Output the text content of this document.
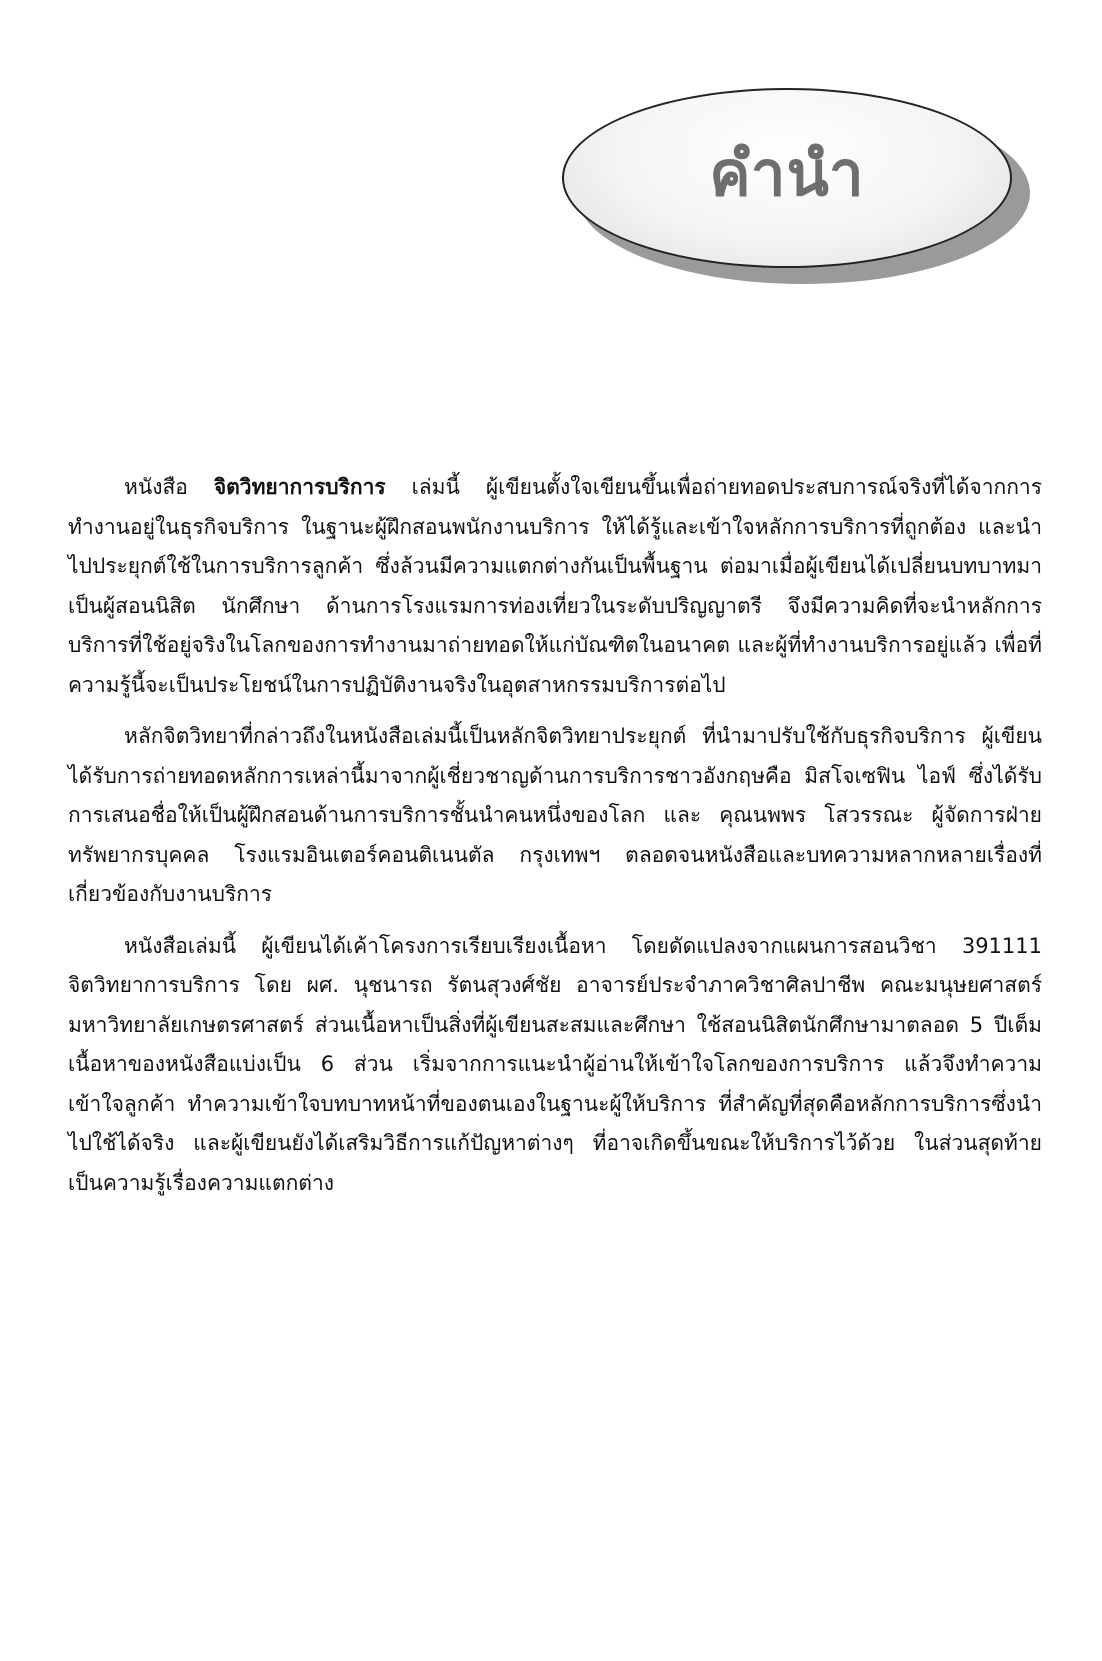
คำนำ

หนังสือ จิตวิทยาการบริการ เล่มนี้ ผู้เขียนตั้งใจเขียนขึ้นเพื่อถ่ายทอดประสบการณ์จริงที่ได้จากการทำงานอยู่ในธุรกิจบริการ ในฐานะผู้ฝึกสอนพนักงานบริการ ให้ได้รู้และเข้าใจหลักการบริการที่ถูกต้อง และนำไปประยุกต์ใช้ในการบริการลูกค้า ซึ่งล้วนมีความแตกต่างกันเป็นพื้นฐาน ต่อมาเมื่อผู้เขียนได้เปลี่ยนบทบาทมาเป็นผู้สอนนิสิต นักศึกษา ด้านการโรงแรมการท่องเที่ยวในระดับปริญญาตรี จึงมีความคิดที่จะนำหลักการบริการที่ใช้อยู่จริงในโลกของการทำงานมาถ่ายทอดให้แก่บัณฑิตในอนาคต และผู้ที่ทำงานบริการอยู่แล้ว เพื่อที่ความรู้นี้จะเป็นประโยชน์ในการปฏิบัติงานจริงในอุตสาหกรรมบริการต่อไป

หลักจิตวิทยาที่กล่าวถึงในหนังสือเล่มนี้เป็นหลักจิตวิทยาประยุกต์ ที่นำมาปรับใช้กับธุรกิจบริการ ผู้เขียนได้รับการถ่ายทอดหลักการเหล่านี้มาจากผู้เชี่ยวชาญด้านการบริการชาวอังกฤษคือ มิสโจเซฟิน ไอฟ์ ซึ่งได้รับการเสนอชื่อให้เป็นผู้ฝึกสอนด้านการบริการชั้นนำคนหนึ่งของโลก และ คุณนพพร โสวรรณะ ผู้จัดการฝ่ายทรัพยากรบุคคล โรงแรมอินเตอร์คอนติเนนตัล กรุงเทพฯ ตลอดจนหนังสือและบทความหลากหลายเรื่องที่เกี่ยวข้องกับงานบริการ

หนังสือเล่มนี้ ผู้เขียนได้เค้าโครงการเรียบเรียงเนื้อหา โดยดัดแปลงจากแผนการสอนวิชา 391111 จิตวิทยาการบริการ โดย ผศ. นุชนารถ รัตนสุวงศ์ชัย อาจารย์ประจำภาควิชาศิลปาชีพ คณะมนุษยศาสตร์ มหาวิทยาลัยเกษตรศาสตร์ ส่วนเนื้อหาเป็นสิ่งที่ผู้เขียนสะสมและศึกษา ใช้สอนนิสิตนักศึกษามาตลอด 5 ปีเต็ม เนื้อหาของหนังสือแบ่งเป็น 6 ส่วน เริ่มจากการแนะนำผู้อ่านให้เข้าใจโลกของการบริการ แล้วจึงทำความเข้าใจลูกค้า ทำความเข้าใจบทบาทหน้าที่ของตนเองในฐานะผู้ให้บริการ ที่สำคัญที่สุดคือหลักการบริการซึ่งนำไปใช้ได้จริง และผู้เขียนยังได้เสริมวิธีการแก้ปัญหาต่างๆ ที่อาจเกิดขึ้นขณะให้บริการไว้ด้วย ในส่วนสุดท้าย เป็นความรู้เรื่องความแตกต่าง
